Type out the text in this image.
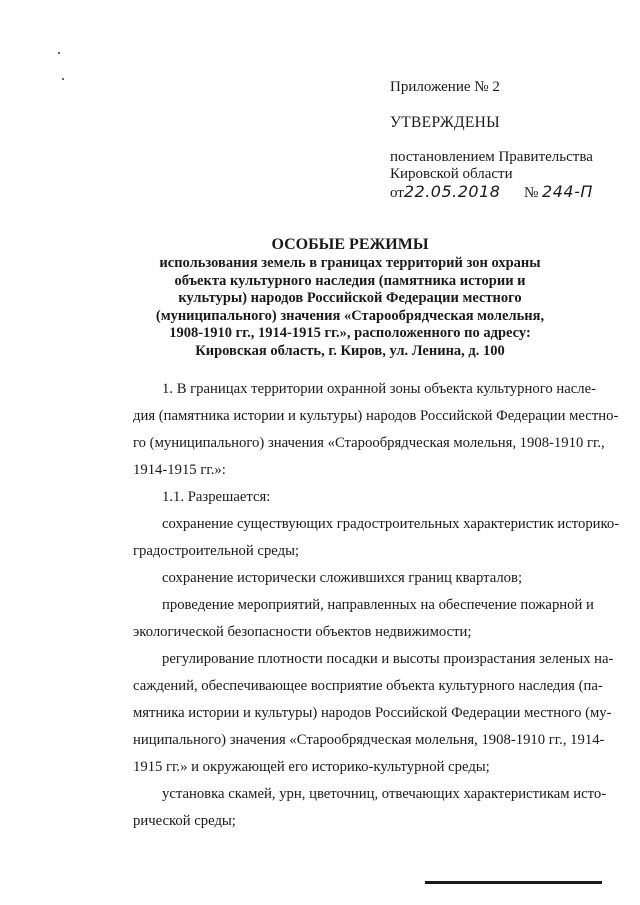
Приложение № 2
УТВЕРЖДЕНЫ
постановлением Правительства
Кировской области
от22.05.2018 № 244-П
ОСОБЫЕ РЕЖИМЫ
использования земель в границах территорий зон охраны
объекта культурного наследия (памятника истории и
культуры) народов Российской Федерации местного
(муниципального) значения «Старообрядческая молельня,
1908-1910 гг., 1914-1915 гг.», расположенного по адресу:
Кировская область, г. Киров, ул. Ленина, д. 100
1. В границах территории охранной зоны объекта культурного насле-
дия (памятника истории и культуры) народов Российской Федерации местно-
го (муниципального) значения «Старообрядческая молельня, 1908-1910 гг.,
1914-1915 гг.»:
1.1. Разрешается:
сохранение существующих градостроительных характеристик историко-
градостроительной среды;
сохранение исторически сложившихся границ кварталов;
проведение мероприятий, направленных на обеспечение пожарной и
экологической безопасности объектов недвижимости;
регулирование плотности посадки и высоты произрастания зеленых на-
саждений, обеспечивающее восприятие объекта культурного наследия (па-
мятника истории и культуры) народов Российской Федерации местного (му-
ниципального) значения «Старообрядческая молельня, 1908-1910 гг., 1914-
1915 гг.» и окружающей его историко-культурной среды;
установка скамей, урн, цветочниц, отвечающих характеристикам исто-
рической среды;
